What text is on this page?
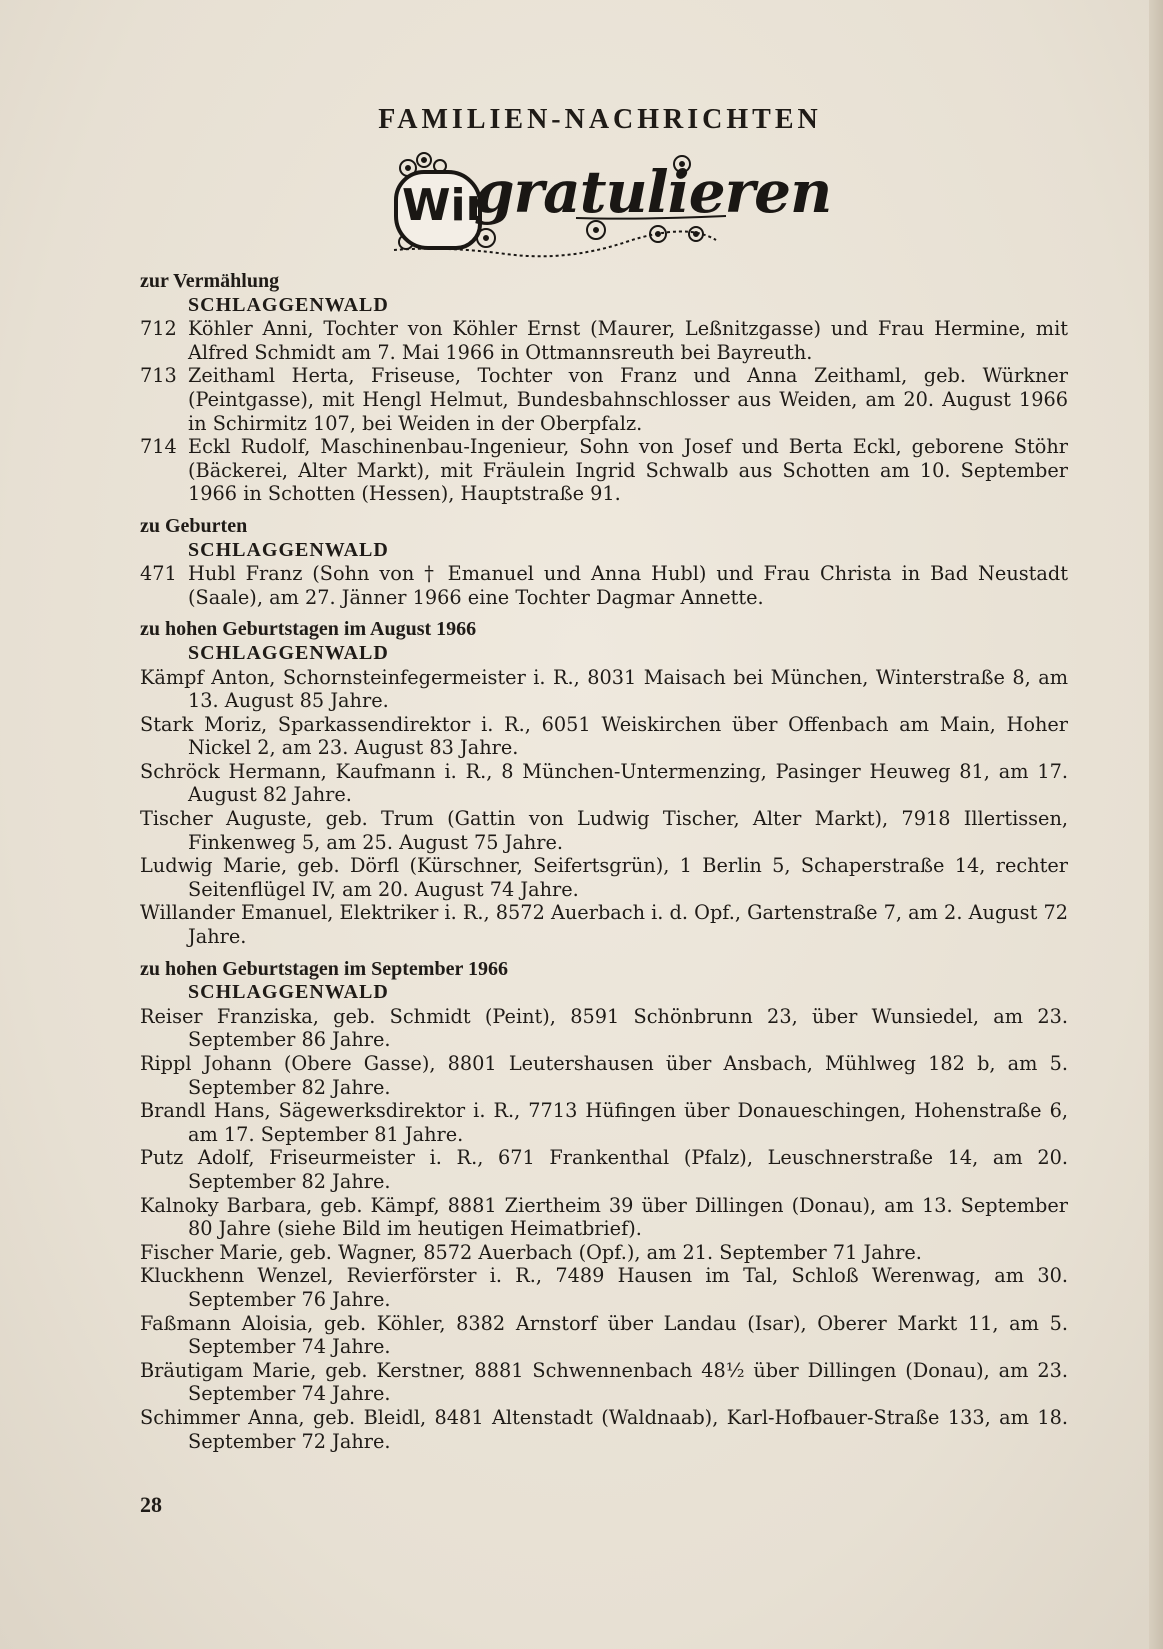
FAMILIEN-NACHRICHTEN
Wir
gratulieren
zur Vermählung
SCHLAGGENWALD
712 Köhler Anni, Tochter von Köhler Ernst (Maurer, Leßnitzgasse) und Frau Hermine, mit Alfred Schmidt am 7. Mai 1966 in Ottmannsreuth bei Bayreuth.
713 Zeithaml Herta, Friseuse, Tochter von Franz und Anna Zeithaml, geb. Würkner (Peintgasse), mit Hengl Helmut, Bundesbahnschlosser aus Weiden, am 20. August 1966 in Schirmitz 107, bei Weiden in der Oberpfalz.
714 Eckl Rudolf, Maschinenbau-Ingenieur, Sohn von Josef und Berta Eckl, geborene Stöhr (Bäckerei, Alter Markt), mit Fräulein Ingrid Schwalb aus Schotten am 10. September 1966 in Schotten (Hessen), Hauptstraße 91.
zu Geburten
SCHLAGGENWALD
471 Hubl Franz (Sohn von † Emanuel und Anna Hubl) und Frau Christa in Bad Neustadt (Saale), am 27. Jänner 1966 eine Tochter Dagmar Annette.
zu hohen Geburtstagen im August 1966
SCHLAGGENWALD
Kämpf Anton, Schornsteinfegermeister i. R., 8031 Maisach bei München, Winterstraße 8, am 13. August 85 Jahre.
Stark Moriz, Sparkassendirektor i. R., 6051 Weiskirchen über Offenbach am Main, Hoher Nickel 2, am 23. August 83 Jahre.
Schröck Hermann, Kaufmann i. R., 8 München-Untermenzing, Pasinger Heuweg 81, am 17. August 82 Jahre.
Tischer Auguste, geb. Trum (Gattin von Ludwig Tischer, Alter Markt), 7918 Illertissen, Finkenweg 5, am 25. August 75 Jahre.
Ludwig Marie, geb. Dörfl (Kürschner, Seifertsgrün), 1 Berlin 5, Schaperstraße 14, rechter Seitenflügel IV, am 20. August 74 Jahre.
Willander Emanuel, Elektriker i. R., 8572 Auerbach i. d. Opf., Gartenstraße 7, am 2. August 72 Jahre.
zu hohen Geburtstagen im September 1966
SCHLAGGENWALD
Reiser Franziska, geb. Schmidt (Peint), 8591 Schönbrunn 23, über Wunsiedel, am 23. September 86 Jahre.
Rippl Johann (Obere Gasse), 8801 Leutershausen über Ansbach, Mühlweg 182 b, am 5. September 82 Jahre.
Brandl Hans, Sägewerksdirektor i. R., 7713 Hüfingen über Donaueschingen, Hohenstraße 6, am 17. September 81 Jahre.
Putz Adolf, Friseurmeister i. R., 671 Frankenthal (Pfalz), Leuschnerstraße 14, am 20. September 82 Jahre.
Kalnoky Barbara, geb. Kämpf, 8881 Ziertheim 39 über Dillingen (Donau), am 13. September 80 Jahre (siehe Bild im heutigen Heimatbrief).
Fischer Marie, geb. Wagner, 8572 Auerbach (Opf.), am 21. September 71 Jahre.
Kluckhenn Wenzel, Revierförster i. R., 7489 Hausen im Tal, Schloß Werenwag, am 30. September 76 Jahre.
Faßmann Aloisia, geb. Köhler, 8382 Arnstorf über Landau (Isar), Oberer Markt 11, am 5. September 74 Jahre.
Bräutigam Marie, geb. Kerstner, 8881 Schwennenbach 48½ über Dillingen (Donau), am 23. September 74 Jahre.
Schimmer Anna, geb. Bleidl, 8481 Altenstadt (Waldnaab), Karl-Hofbauer-Straße 133, am 18. September 72 Jahre.
28
